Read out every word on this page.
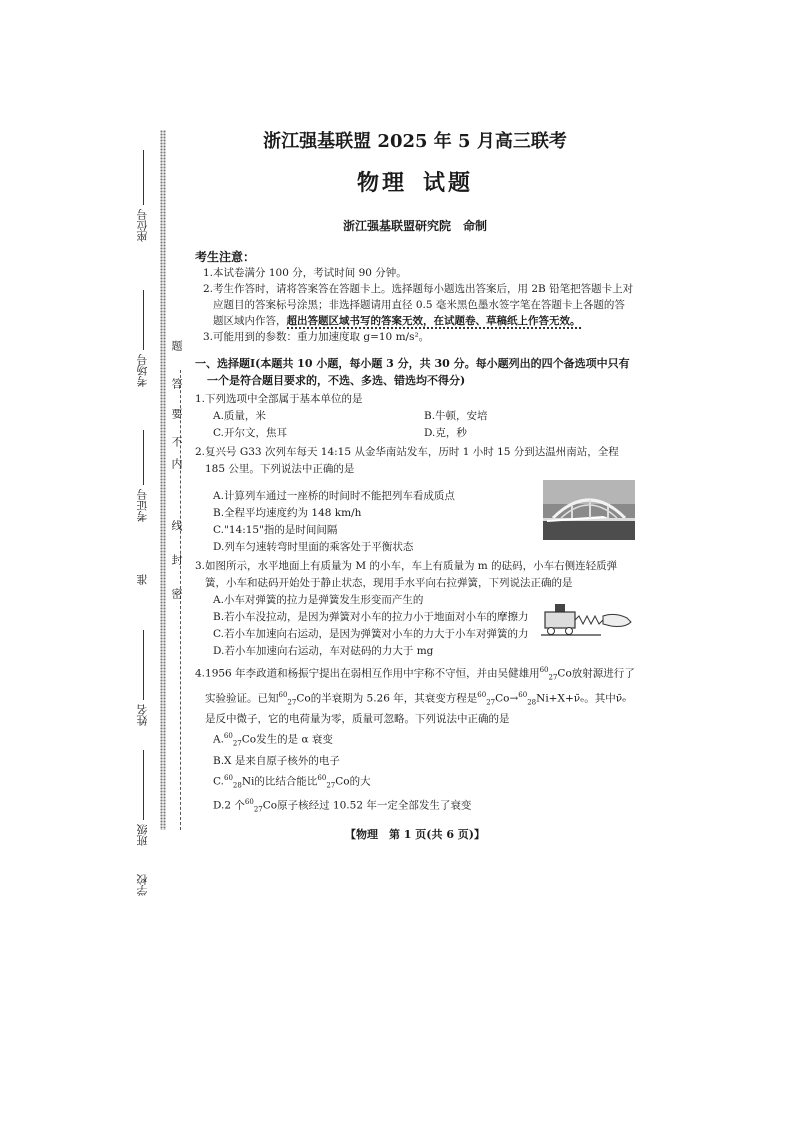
座位号
考场号
考证号
准
姓名
班级
学校
题
答
要
不
内
线
封
密
浙江强基联盟 2025 年 5 月高三联考
物理 试题
浙江强基联盟研究院 命制
考生注意：
1.本试卷满分 100 分，考试时间 90 分钟。
2.考生作答时，请将答案答在答题卡上。选择题每小题选出答案后，用 2B 铅笔把答题卡上对应题目的答案标号涂黑；非选择题请用直径 0.5 毫米黑色墨水签字笔在答题卡上各题的答题区域内作答，超出答题区域书写的答案无效，在试题卷、草稿纸上作答无效。
3.可能用到的参数：重力加速度取 g=10 m/s²。
一、选择题Ⅰ(本题共 10 小题，每小题 3 分，共 30 分。每小题列出的四个备选项中只有一个是符合题目要求的，不选、多选、错选均不得分)
1.下列选项中全部属于基本单位的是
A.质量，米	B.牛顿，安培
C.开尔文，焦耳	D.克，秒
2.复兴号 G33 次列车每天 14:15 从金华南站发车，历时 1 小时 15 分到达温州南站，全程 185 公里。下列说法中正确的是
A.计算列车通过一座桥的时间时不能把列车看成质点
B.全程平均速度约为 148 km/h
C."14:15"指的是时间间隔
D.列车匀速转弯时里面的乘客处于平衡状态
3.如图所示，水平地面上有质量为 M 的小车，车上有质量为 m 的砝码，小车右侧连轻质弹簧，小车和砝码开始处于静止状态，现用手水平向右拉弹簧，下列说法正确的是
A.小车对弹簧的拉力是弹簧发生形变而产生的
B.若小车没拉动，是因为弹簧对小车的拉力小于地面对小车的摩擦力
C.若小车加速向右运动，是因为弹簧对小车的力大于小车对弹簧的力
D.若小车加速向右运动，车对砝码的力大于 mg
4.1956 年李政道和杨振宁提出在弱相互作用中宇称不守恒，并由吴健雄用$^{60}_{27}$Co放射源进行了实验验证。已知$^{60}_{27}$Co的半衰期为 5.26 年，其衰变方程是$^{60}_{27}$Co→$^{60}_{28}$Ni+X+ν̄ₑ。其中ν̄ₑ是反中微子，它的电荷量为零，质量可忽略。下列说法中正确的是
A.$^{60}_{27}$Co发生的是 α 衰变
B.X 是来自原子核外的电子
C.$^{60}_{28}$Ni的比结合能比$^{60}_{27}$Co的大
D.2 个$^{60}_{27}$Co原子核经过 10.52 年一定全部发生了衰变
【物理　第 1 页(共 6 页)】
